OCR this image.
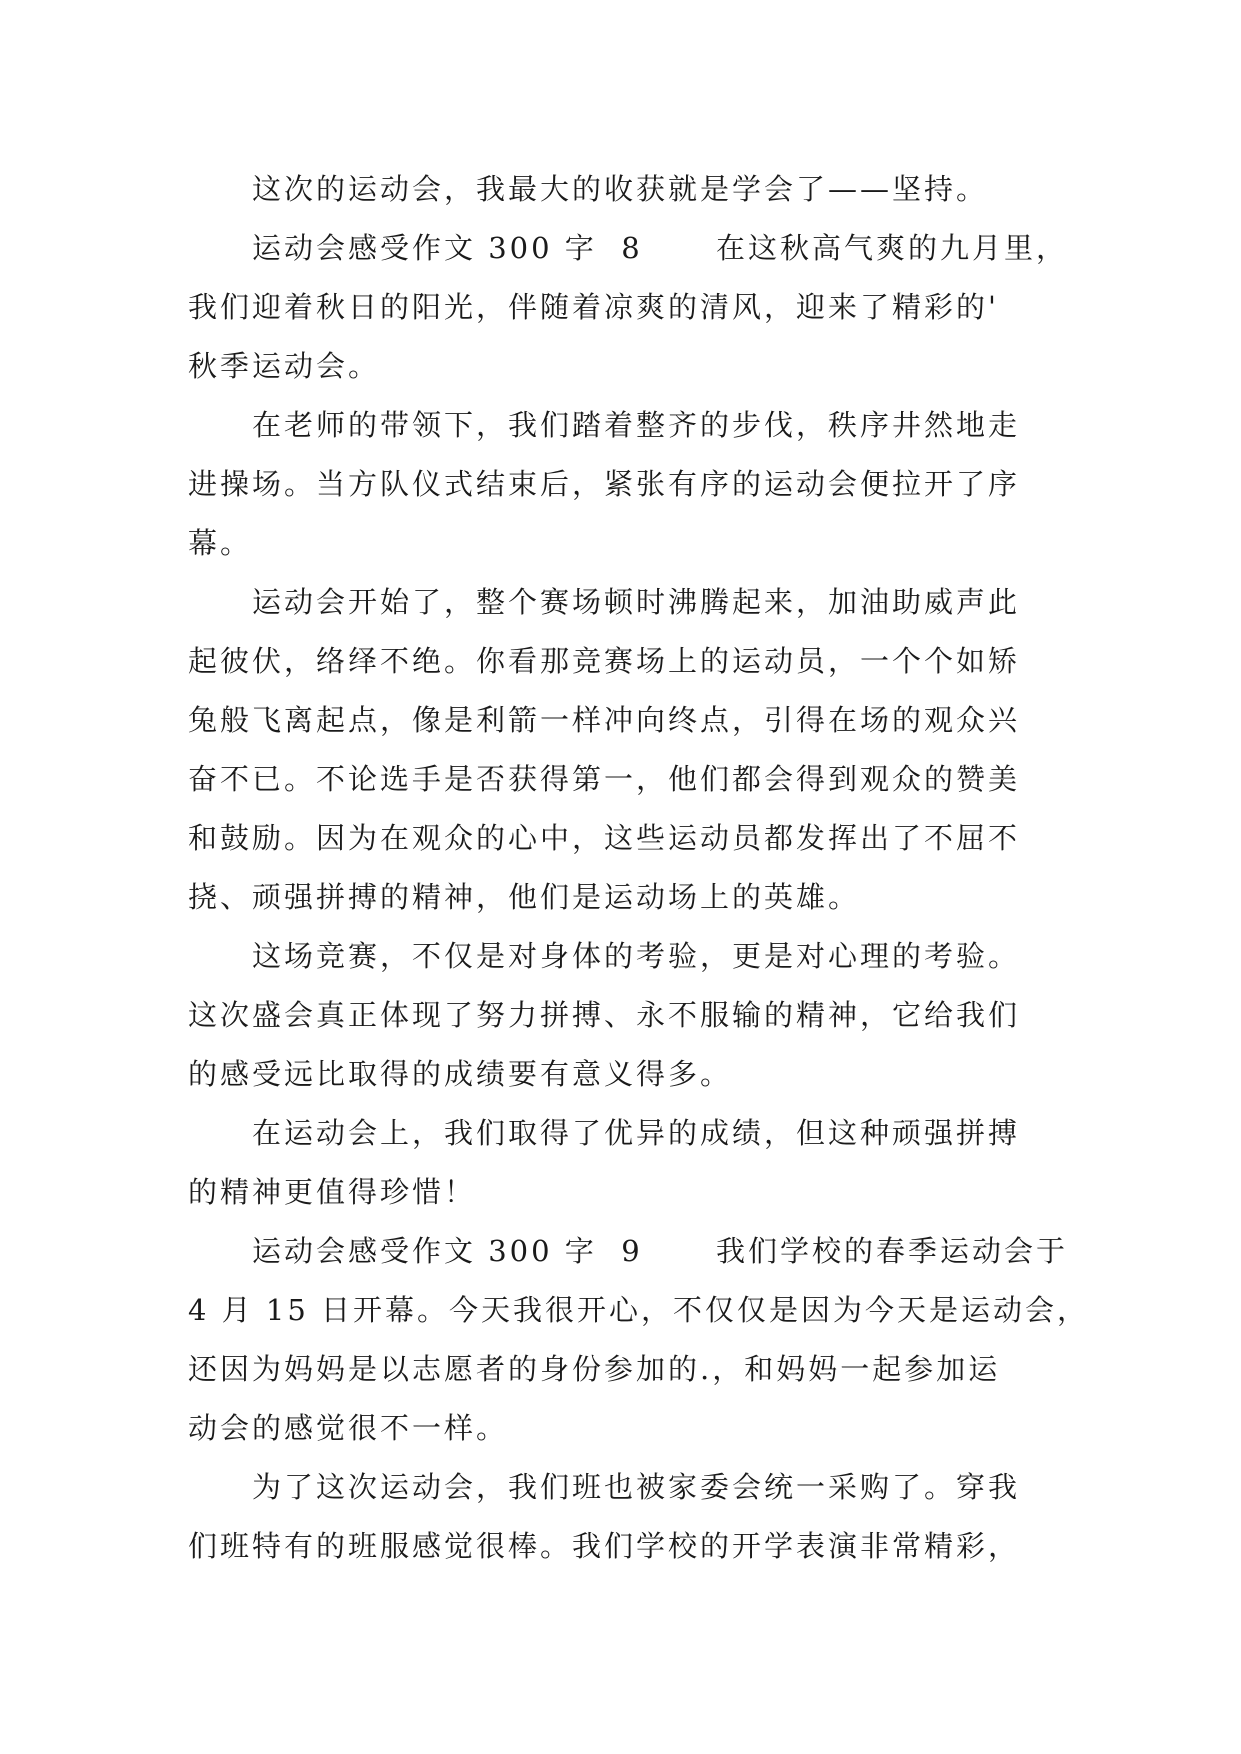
这次的运动会，我最大的收获就是学会了——坚持。
运动会感受作文 300 字  8      在这秋高气爽的九月里，
我们迎着秋日的阳光，伴随着凉爽的清风，迎来了精彩的'
秋季运动会。
在老师的带领下，我们踏着整齐的步伐，秩序井然地走
进操场。当方队仪式结束后，紧张有序的运动会便拉开了序
幕。
运动会开始了，整个赛场顿时沸腾起来，加油助威声此
起彼伏，络绎不绝。你看那竞赛场上的运动员，一个个如矫
兔般飞离起点，像是利箭一样冲向终点，引得在场的观众兴
奋不已。不论选手是否获得第一，他们都会得到观众的赞美
和鼓励。因为在观众的心中，这些运动员都发挥出了不屈不
挠、顽强拼搏的精神，他们是运动场上的英雄。
这场竞赛，不仅是对身体的考验，更是对心理的考验。
这次盛会真正体现了努力拼搏、永不服输的精神，它给我们
的感受远比取得的成绩要有意义得多。
在运动会上，我们取得了优异的成绩，但这种顽强拼搏
的精神更值得珍惜！
运动会感受作文 300 字  9      我们学校的春季运动会于
4 月 15 日开幕。今天我很开心，不仅仅是因为今天是运动会，
还因为妈妈是以志愿者的身份参加的.，和妈妈一起参加运
动会的感觉很不一样。
为了这次运动会，我们班也被家委会统一采购了。穿我
们班特有的班服感觉很棒。我们学校的开学表演非常精彩，
